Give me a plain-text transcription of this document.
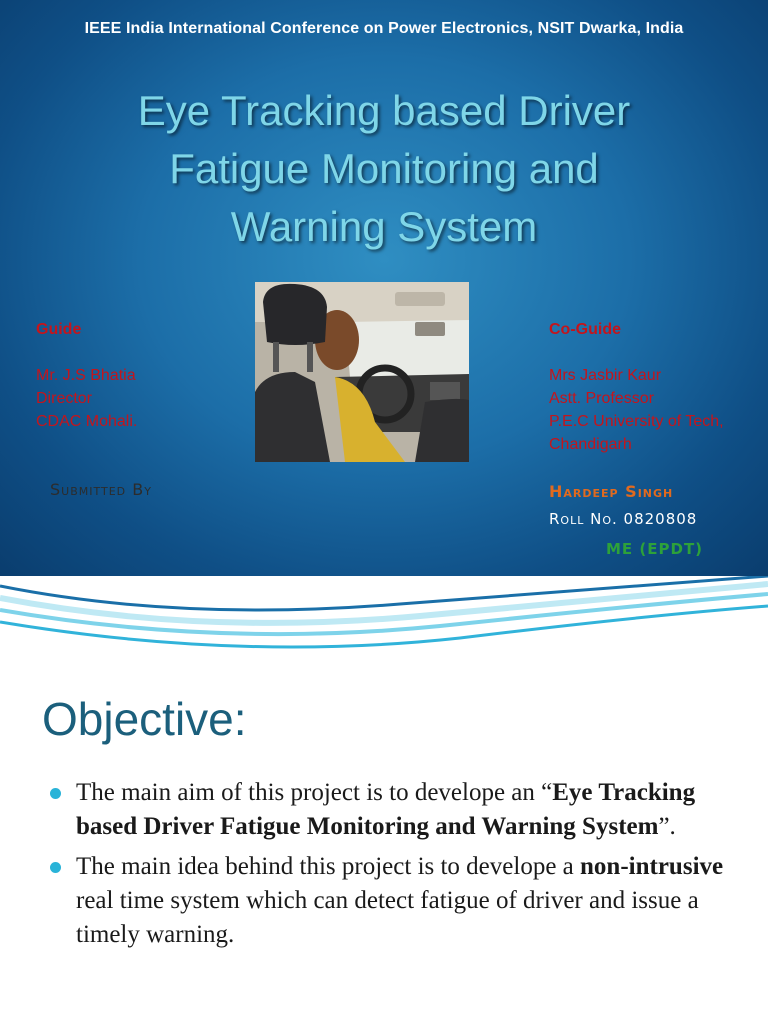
IEEE India International Conference on Power Electronics, NSIT Dwarka, India
Eye Tracking based Driver
Fatigue Monitoring and
Warning System
Guide
Mr. J.S Bhatia
Director
CDAC Mohali.
Co-Guide
Mrs Jasbir Kaur
Astt. Professor
P.E.C University of Tech,
Chandigarh
Submitted By	Hardeep Singh
Roll No. 0820808
ME (EPDT)
Objective:
The main aim of this project is to develope an “Eye Tracking based Driver Fatigue Monitoring and Warning System”.
The main idea behind this project is to develope a non-intrusive real time system which can detect fatigue of driver and issue a timely warning.
